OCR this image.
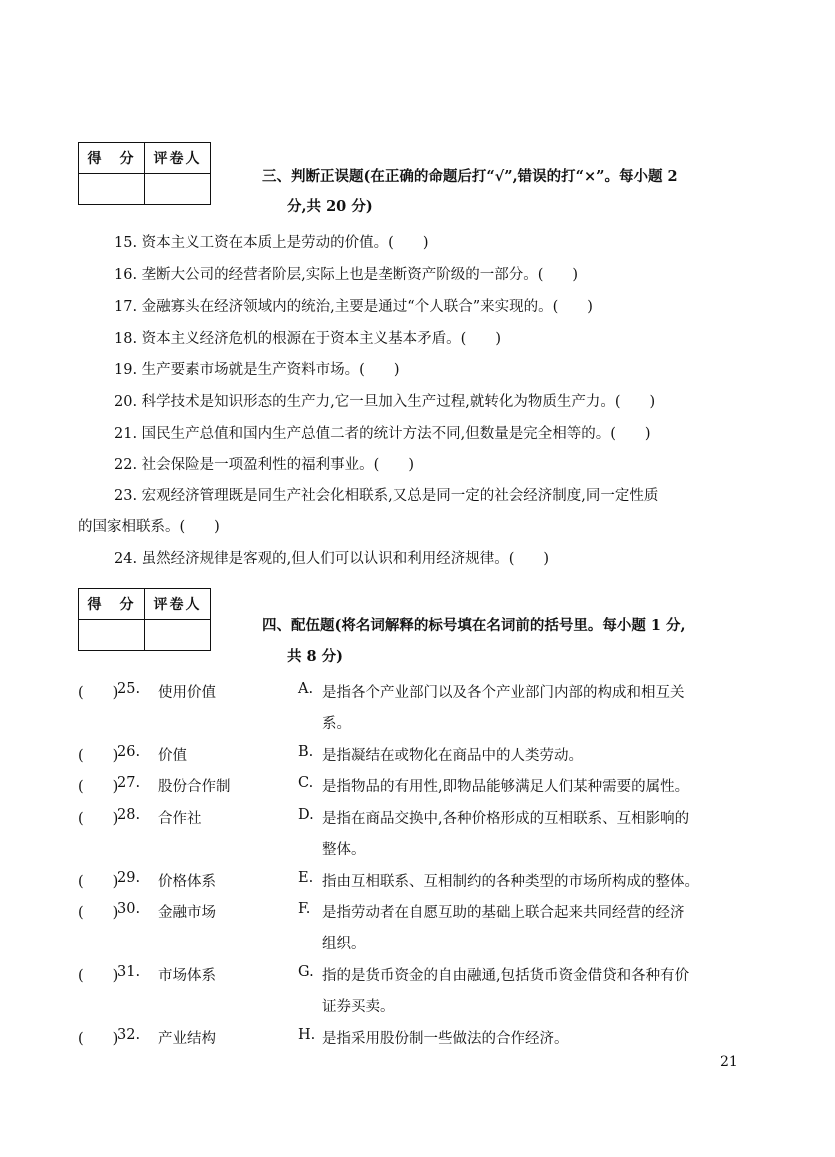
得　分	评卷人

三、判断正误题(在正确的命题后打“√”,错误的打“×”。每小题 2
分,共 20 分)
15. 资本主义工资在本质上是劳动的价值。(　　)
16. 垄断大公司的经营者阶层,实际上也是垄断资产阶级的一部分。(　　)
17. 金融寡头在经济领域内的统治,主要是通过“个人联合”来实现的。(　　)
18. 资本主义经济危机的根源在于资本主义基本矛盾。(　　)
19. 生产要素市场就是生产资料市场。(　　)
20. 科学技术是知识形态的生产力,它一旦加入生产过程,就转化为物质生产力。(　　)
21. 国民生产总值和国内生产总值二者的统计方法不同,但数量是完全相等的。(　　)
22. 社会保险是一项盈利性的福利事业。(　　)
23. 宏观经济管理既是同生产社会化相联系,又总是同一定的社会经济制度,同一定性质
的国家相联系。(　　)
24. 虽然经济规律是客观的,但人们可以认识和利用经济规律。(　　)
得　分	评卷人

四、配伍题(将名词解释的标号填在名词前的括号里。每小题 1 分,
共 8 分)
(　　)
25. 使用价值	A. 是指各个产业部门以及各个产业部门内部的构成和相互关
系。
(　　)
26. 价值	B. 是指凝结在或物化在商品中的人类劳动。
(　　)
27. 股份合作制	C. 是指物品的有用性,即物品能够满足人们某种需要的属性。
(　　)
28. 合作社	D. 是指在商品交换中,各种价格形成的互相联系、互相影响的
整体。
(　　)
29. 价格体系	E. 指由互相联系、互相制约的各种类型的市场所构成的整体。
(　　)
30. 金融市场	F. 是指劳动者在自愿互助的基础上联合起来共同经营的经济
组织。
(　　)
31. 市场体系	G. 指的是货币资金的自由融通,包括货币资金借贷和各种有价
证券买卖。
(　　)
32. 产业结构	H. 是指采用股份制一些做法的合作经济。
21
